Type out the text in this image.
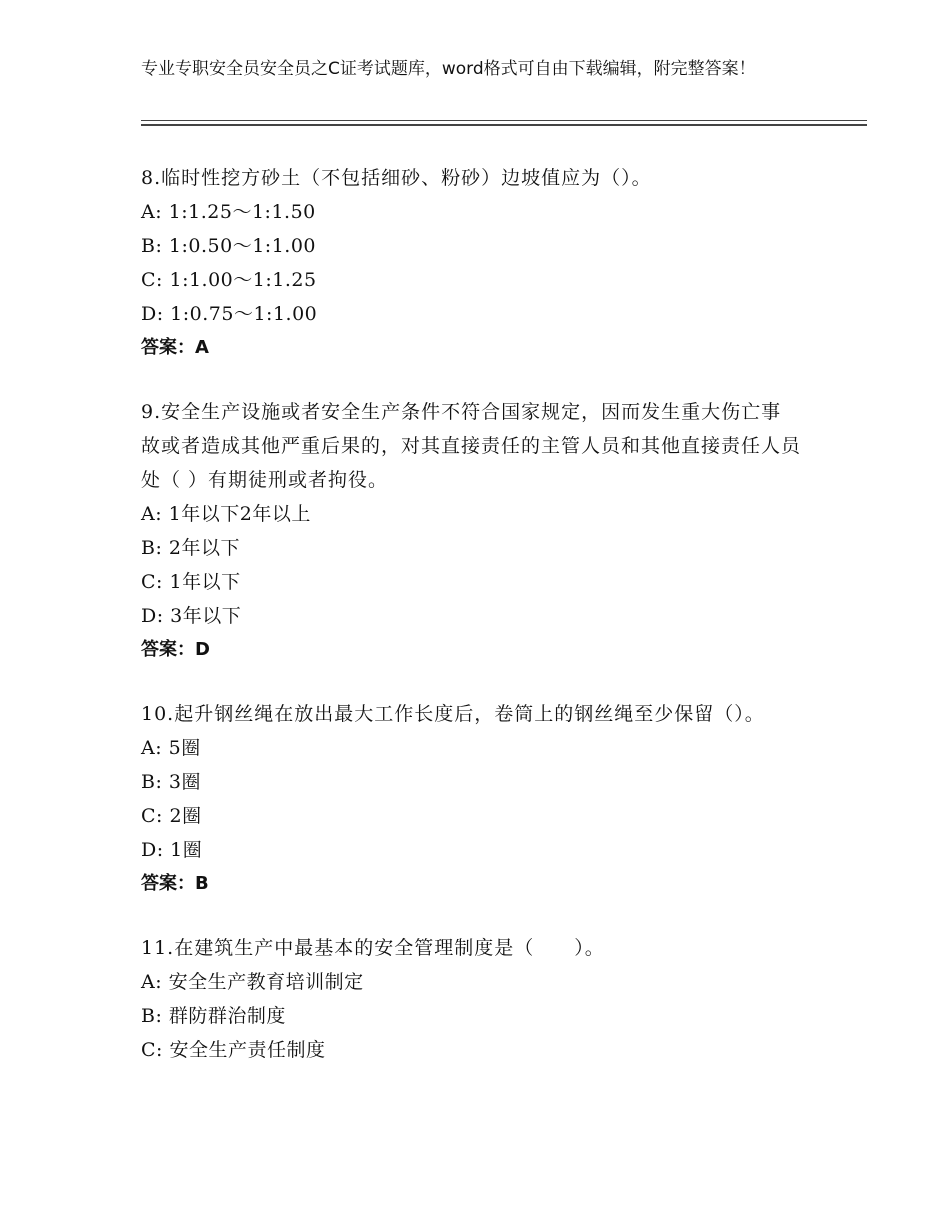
专业专职安全员安全员之C证考试题库，word格式可自由下载编辑，附完整答案！
8.临时性挖方砂土（不包括细砂、粉砂）边坡值应为（）。
A: 1:1.25～1:1.50
B: 1:0.50～1:1.00
C: 1:1.00～1:1.25
D: 1:0.75～1:1.00
答案：A
9.安全生产设施或者安全生产条件不符合国家规定，因而发生重大伤亡事故或者造成其他严重后果的，对其直接责任的主管人员和其他直接责任人员处（ ）有期徒刑或者拘役。
A: 1年以下2年以上
B: 2年以下
C: 1年以下
D: 3年以下
答案：D
10.起升钢丝绳在放出最大工作长度后，卷筒上的钢丝绳至少保留（）。
A: 5圈
B: 3圈
C: 2圈
D: 1圈
答案：B
11.在建筑生产中最基本的安全管理制度是（　　）。
A: 安全生产教育培训制定
B: 群防群治制度
C: 安全生产责任制度
